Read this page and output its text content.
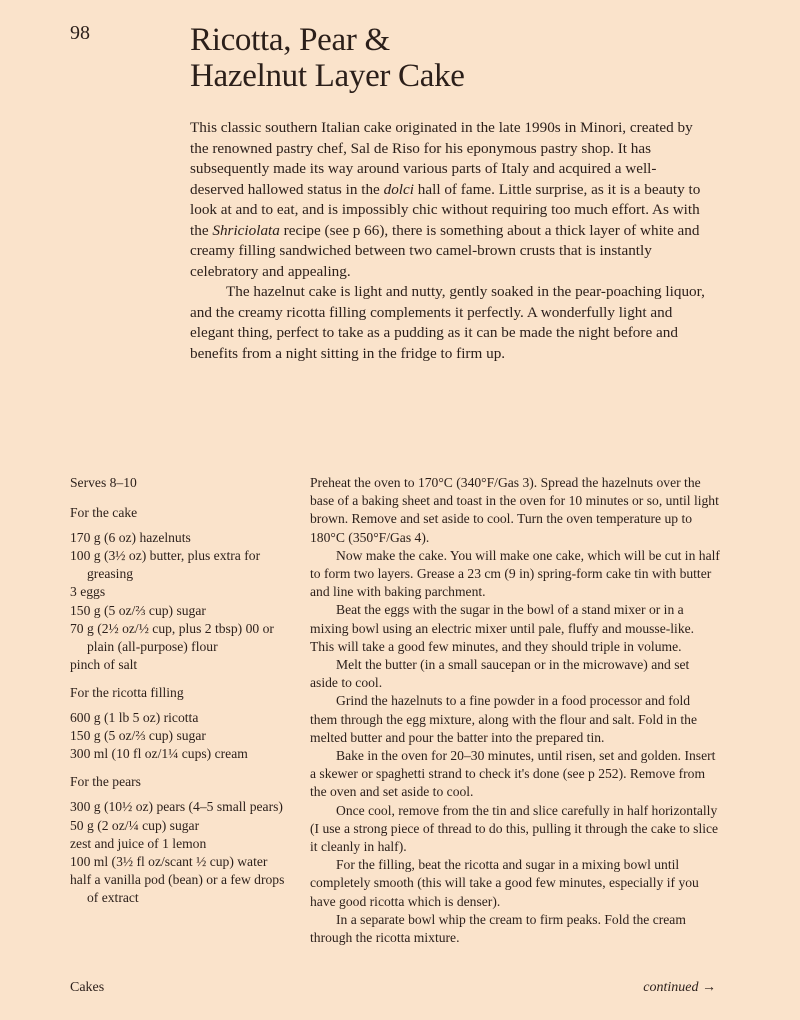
98	Ricotta, Pear &
Hazelnut Layer Cake

This classic southern Italian cake originated in the late 1990s in Minori, created by the renowned pastry chef, Sal de Riso for his eponymous pastry shop. It has subsequently made its way around various parts of Italy and acquired a well-deserved hallowed status in the dolci hall of fame. Little surprise, as it is a beauty to look at and to eat, and is impossibly chic without requiring too much effort. As with the Shriciolata recipe (see p 66), there is something about a thick layer of white and creamy filling sandwiched between two camel-brown crusts that is instantly celebratory and appealing.

The hazelnut cake is light and nutty, gently soaked in the pear-poaching liquor, and the creamy ricotta filling complements it perfectly. A wonderfully light and elegant thing, perfect to take as a pudding as it can be made the night before and benefits from a night sitting in the fridge to firm up.

Serves 8–10

For the cake

170 g (6 oz) hazelnuts
100 g (3½ oz) butter, plus extra for greasing
3 eggs
150 g (5 oz/⅔ cup) sugar
70 g (2½ oz/½ cup, plus 2 tbsp) 00 or plain (all-purpose) flour
pinch of salt

For the ricotta filling

600 g (1 lb 5 oz) ricotta
150 g (5 oz/⅔ cup) sugar
300 ml (10 fl oz/1¼ cups) cream

For the pears

300 g (10½ oz) pears (4–5 small pears)
50 g (2 oz/¼ cup) sugar
zest and juice of 1 lemon
100 ml (3½ fl oz/scant ½ cup) water
half a vanilla pod (bean) or a few drops of extract

Preheat the oven to 170°C (340°F/Gas 3). Spread the hazelnuts over the base of a baking sheet and toast in the oven for 10 minutes or so, until light brown. Remove and set aside to cool. Turn the oven temperature up to 180°C (350°F/Gas 4).

Now make the cake. You will make one cake, which will be cut in half to form two layers. Grease a 23 cm (9 in) spring-form cake tin with butter and line with baking parchment.

Beat the eggs with the sugar in the bowl of a stand mixer or in a mixing bowl using an electric mixer until pale, fluffy and mousse-like. This will take a good few minutes, and they should triple in volume.

Melt the butter (in a small saucepan or in the microwave) and set aside to cool.

Grind the hazelnuts to a fine powder in a food processor and fold them through the egg mixture, along with the flour and salt. Fold in the melted butter and pour the batter into the prepared tin.

Bake in the oven for 20–30 minutes, until risen, set and golden. Insert a skewer or spaghetti strand to check it's done (see p 252). Remove from the oven and set aside to cool.

Once cool, remove from the tin and slice carefully in half horizontally (I use a strong piece of thread to do this, pulling it through the cake to slice it cleanly in half).

For the filling, beat the ricotta and sugar in a mixing bowl until completely smooth (this will take a good few minutes, especially if you have good ricotta which is denser).

In a separate bowl whip the cream to firm peaks. Fold the cream through the ricotta mixture.

Cakes	continued →
